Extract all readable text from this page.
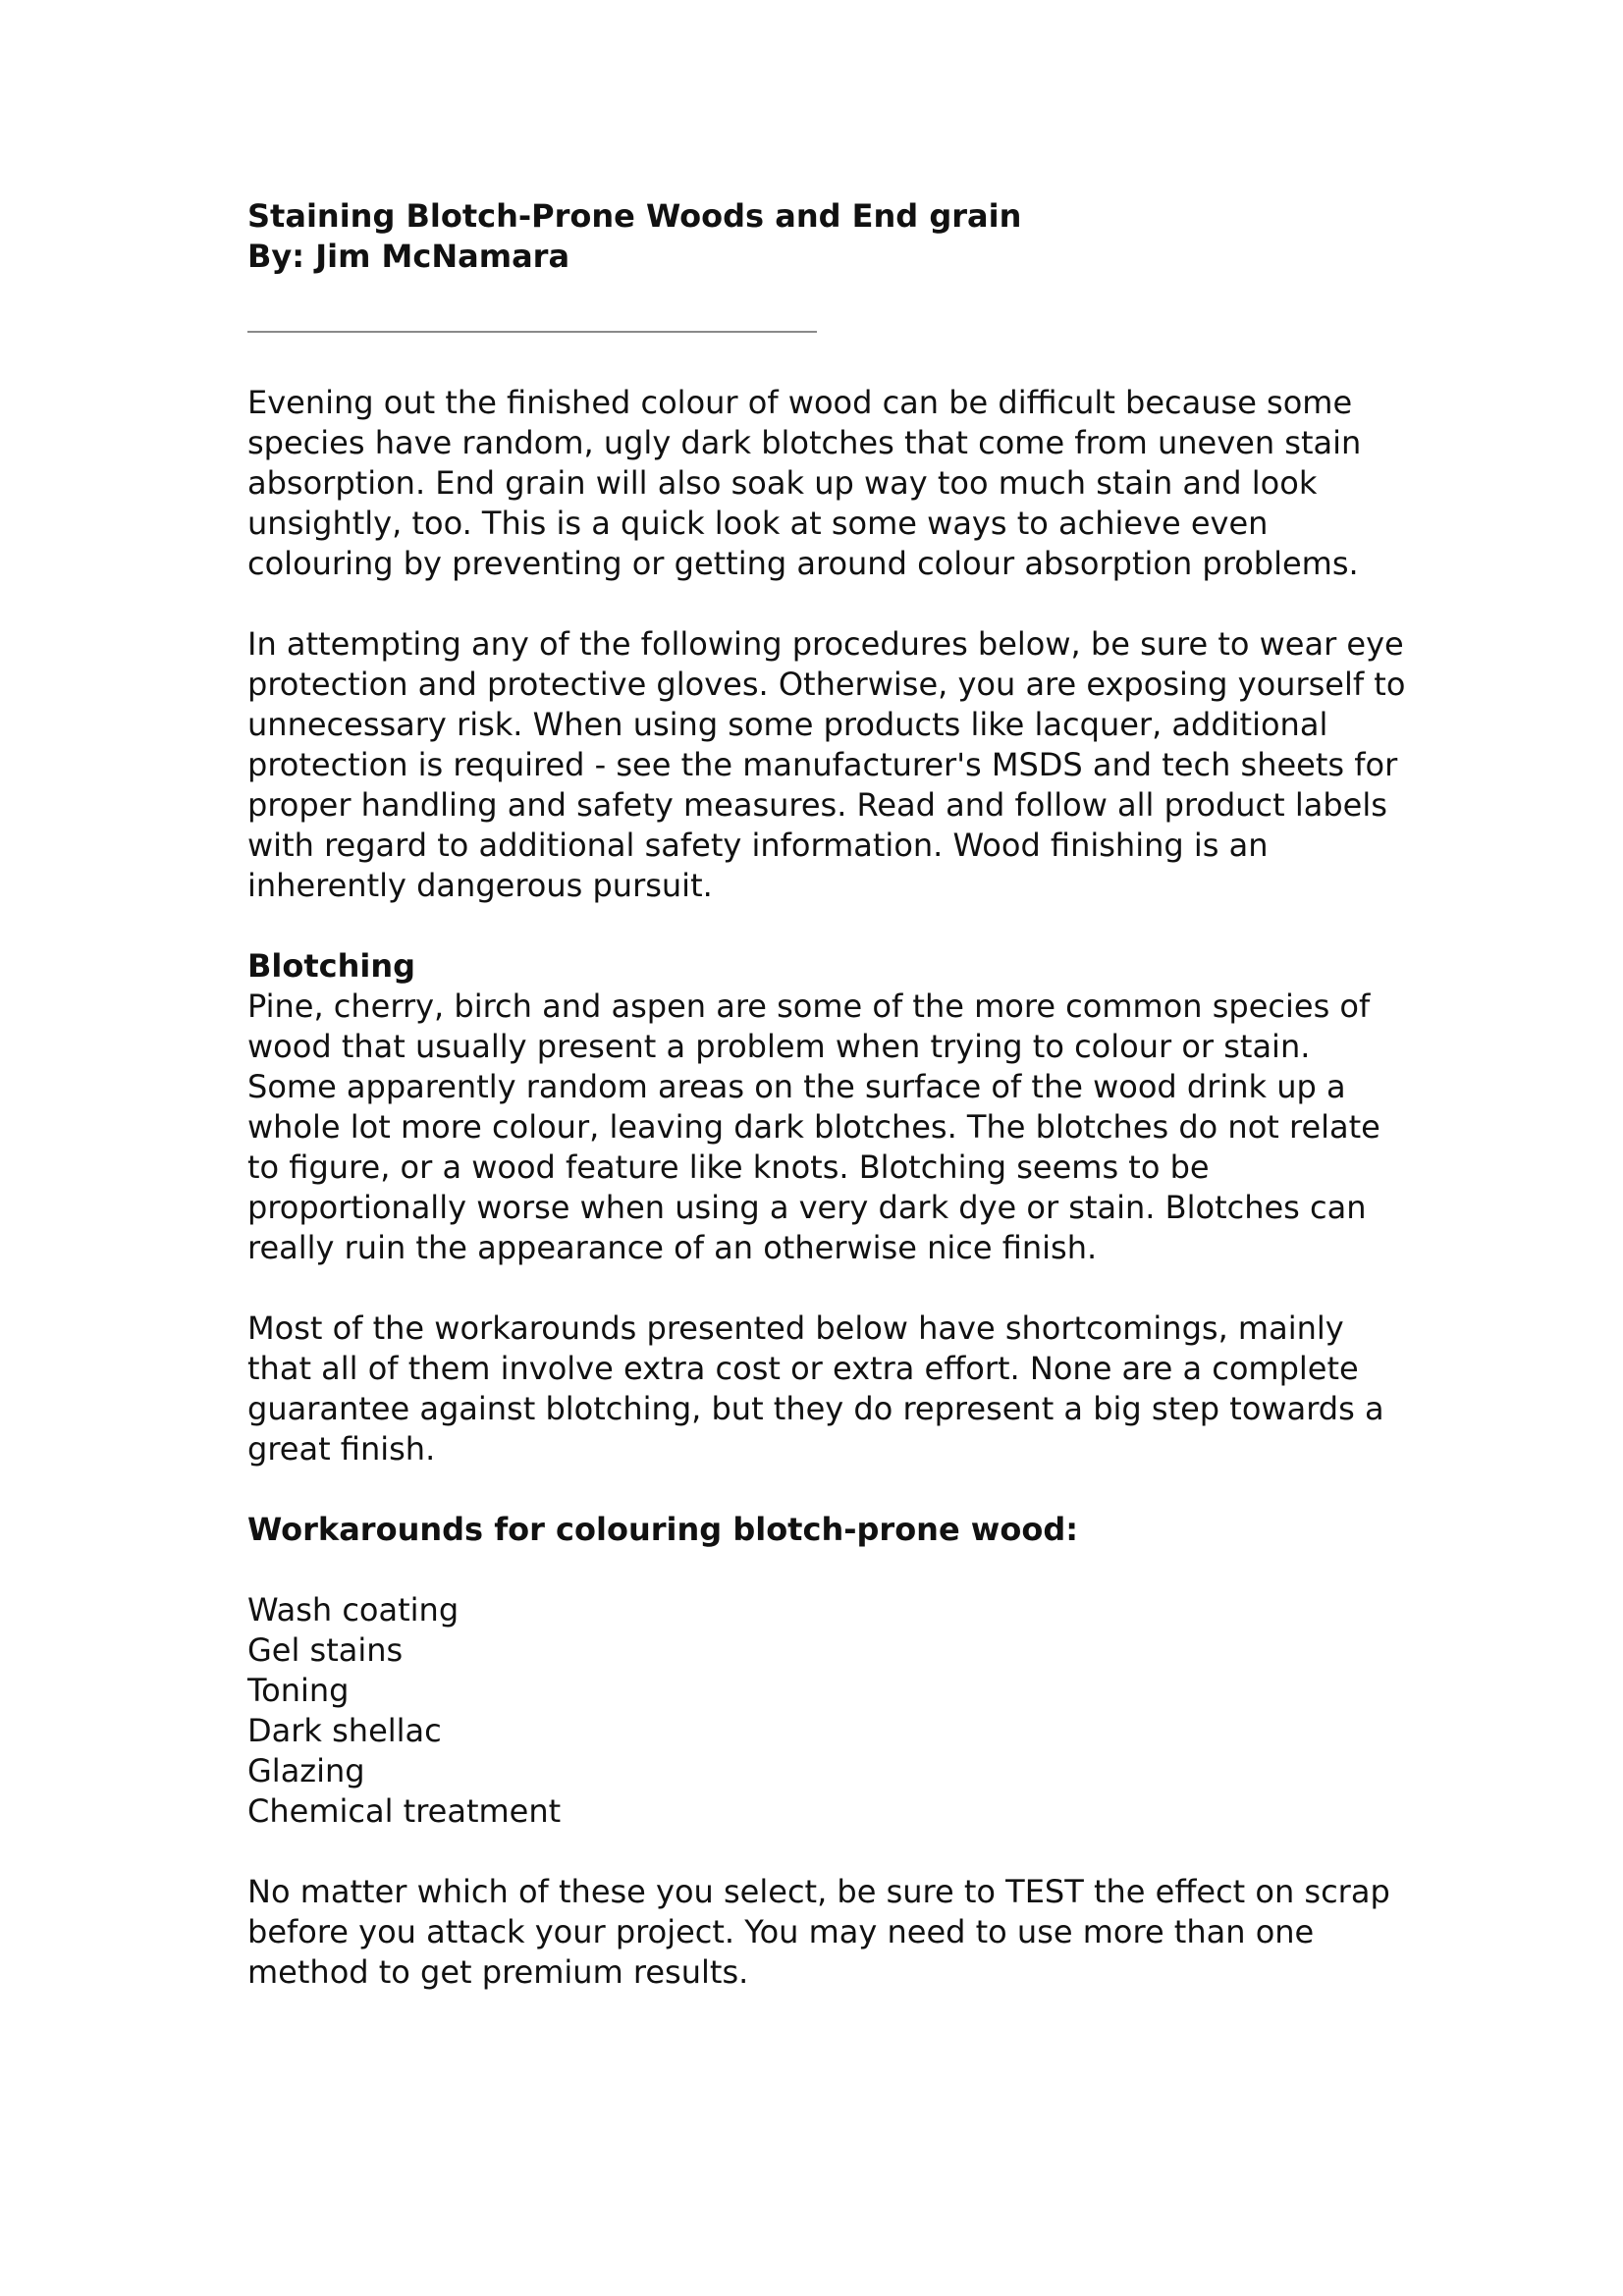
Staining Blotch-Prone Woods and End grain
By: Jim McNamara

Evening out the finished colour of wood can be difficult because some species have random, ugly dark blotches that come from uneven stain absorption. End grain will also soak up way too much stain and look unsightly, too. This is a quick look at some ways to achieve even colouring by preventing or getting around colour absorption problems.

In attempting any of the following procedures below, be sure to wear eye protection and protective gloves. Otherwise, you are exposing yourself to unnecessary risk. When using some products like lacquer, additional protection is required - see the manufacturer's MSDS and tech sheets for proper handling and safety measures. Read and follow all product labels with regard to additional safety information. Wood finishing is an inherently dangerous pursuit.

Blotching

Pine, cherry, birch and aspen are some of the more common species of wood that usually present a problem when trying to colour or stain. Some apparently random areas on the surface of the wood drink up a whole lot more colour, leaving dark blotches. The blotches do not relate to figure, or a wood feature like knots. Blotching seems to be proportionally worse when using a very dark dye or stain. Blotches can really ruin the appearance of an otherwise nice finish.

Most of the workarounds presented below have shortcomings, mainly that all of them involve extra cost or extra effort. None are a complete guarantee against blotching, but they do represent a big step towards a great finish.

Workarounds for colouring blotch-prone wood:
Wash coating
Gel stains
Toning
Dark shellac
Glazing
Chemical treatment

No matter which of these you select, be sure to TEST the effect on scrap before you attack your project. You may need to use more than one method to get premium results.
